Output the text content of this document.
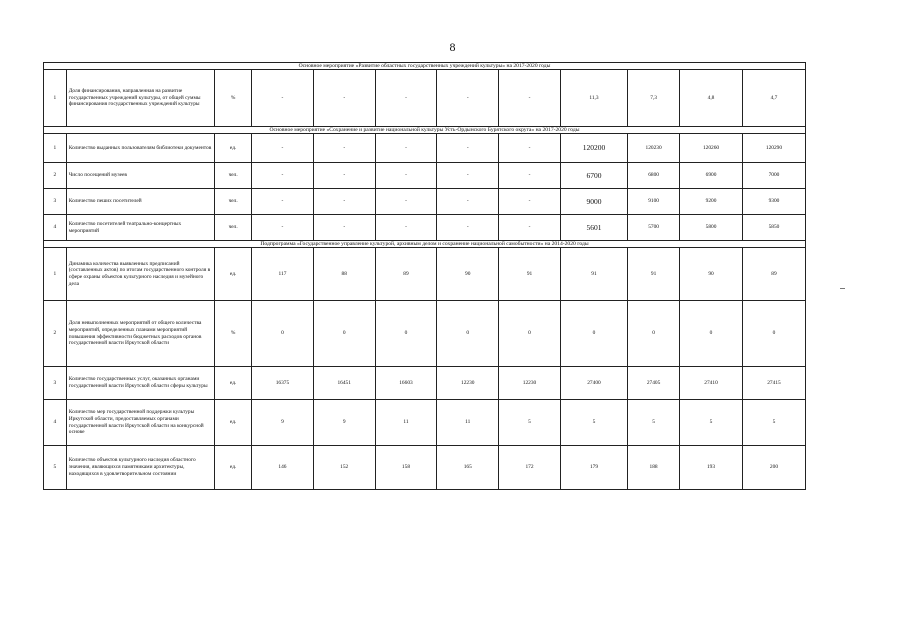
8
Основное мероприятие «Развитие областных государственных учреждений культуры» на 2017-2020 годы											
1	Доля финансирования, направленная на развитие государственных учреждений культуры, от общей суммы финансирования государственных учреждений культуры	%	-	-	-	-	-	11,3	7,3	4,8	4,7
Основное мероприятие «Сохранение и развитие национальной культуры Усть-Ордынского Бурятского округа» на 2017-2020 годы											
1	Количество выданных пользователям библиотеки документов	ед.	-	-	-	-	-	120200	120230	120260	120290
2	Число посещений музеев	чел.	-	-	-	-	-	6700	6800	6900	7000
3	Количество пеших посетителей	чел.	-	-	-	-	-	9000	9100	9200	9300
4	Количество посетителей театрально-концертных мероприятий	чел.	-	-	-	-	-	5601	5700	5800	5850
Подпрограмма «Государственное управление культурой, архивным делом и сохранение национальной самобытности» на 2014-2020 годы											
1	Динамика количества выявленных предписаний (составленных актов) по итогам государственного контроля в сфере охраны объектов культурного наследия и музейного дела	ед.	117	88	89	90	91	91	91	90	89
2	Доля невыполненных мероприятий от общего количества мероприятий, определенных планами мероприятий повышения эффективности бюджетных расходов органов государственной власти Иркутской области	%	0	0	0	0	0	0	0	0	0
3	Количество государственных услуг, оказанных органами государственной власти Иркутской области сферы культуры	ед.	16375	16451	16603	12230	12230	27400	27405	27410	27415
4	Количество мер государственной поддержки культуры Иркутской области, предоставляемых органами государственной власти Иркутской области на конкурсной основе	ед.	9	9	11	11	5	5	5	5	5
5	Количество объектов культурного наследия областного значения, являющихся памятниками архитектуры, находящихся в удовлетворительном состоянии	ед.	146	152	158	165	172	179	188	193	200
